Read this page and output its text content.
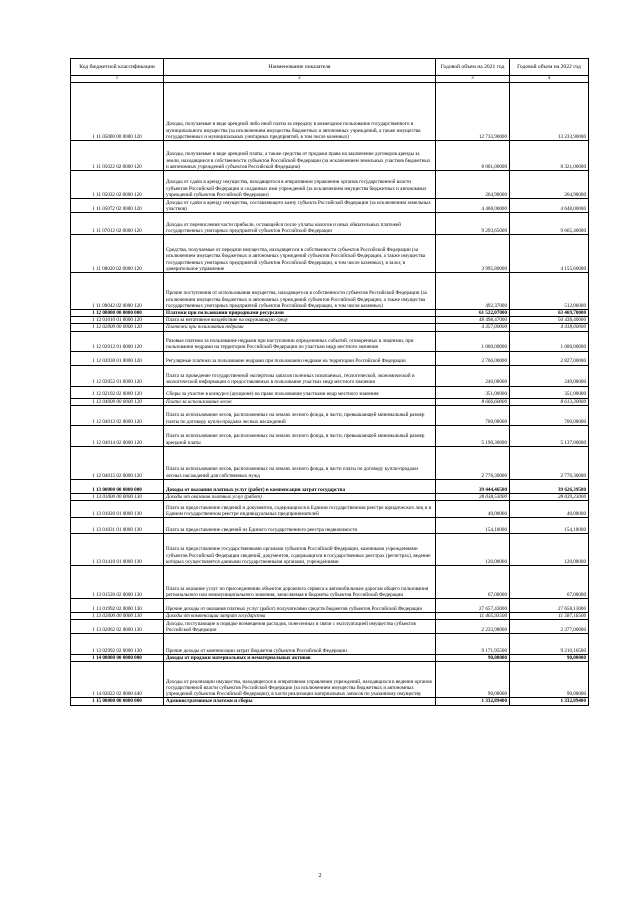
Код бюджетной классификации	Наименование показателя	Годовой объем на 2021 год	Годовой объем на 2022 год
1	2	3	4
1 11 05000 00 0000 120	Доходы, получаемые в виде арендной либо иной платы за передачу в возмездное пользование государственного и муниципального имущества (за исключением имущества бюджетных и автономных учреждений, а также имущества государственных и муниципальных унитарных предприятий, в том числе казенных)	12 733,90000	13 233,90000
1 11 05022 02 0000 120	Доходы, получаемые в виде арендной платы, а также средства от продажи права на заключение договоров аренды за земли, находящиеся в собственности субъектов Российской Федерации (за исключением земельных участков бюджетных и автономных учреждений субъектов Российской Федерации)	8 001,00000	8 321,00000
1 11 05032 02 0000 120	Доходы от сдачи в аренду имущества, находящегося в оперативном управлении органов государственной власти субъектов Российской Федерации и созданных ими учреждений (за исключением имущества бюджетных и автономных учреждений субъектов Российской Федерации)	264,90000	264,90000
1 11 05072 02 0000 120	Доходы от сдачи в аренду имущества, составляющего казну субъекта Российской Федерации (за исключением земельных участков)	4 468,00000	4 648,00000
1 11 07012 02 0000 120	Доходы от перечисления части прибыли, остающейся после уплаты налогов и иных обязательных платежей государственных унитарных предприятий субъектов Российской Федерации	9 293,65000	9 665,40000
1 11 08020 02 0000 120	Средства, получаемые от передачи имущества, находящегося в собственности субъектов Российской Федерации (за исключением имущества бюджетных и автономных учреждений субъектов Российской Федерации, а также имущества государственных унитарных предприятий субъектов Российской Федерации, в том числе казенных), в залог, в доверительное управление	3 995,80000	4 155,60000
1 11 09042 02 0000 120	Прочие поступления от использования имущества, находящегося в собственности субъектов Российской Федерации (за исключением имущества бюджетных и автономных учреждений субъектов Российской Федерации, а также имущества государственных унитарных предприятий субъектов Российской Федерации, в том числе казенных)	492,37000	512,06000
1 12 00000 00 0000 000	Платежи при пользовании природными ресурсами	61 522,07000	63 469,70000
1 12 01010 01 0000 120	Плата за негативное воздействие на окружающую среду	48 498,47000	50 438,40000
1 12 02000 00 0000 120	Платежи при пользовании недрами	4 357,00000	4 418,00000
1 12 02012 01 0000 120	Разовые платежи за пользование недрами при наступлении определенных событий, оговоренных в лицензии, при пользовании недрами на территории Российской Федерации по участкам недр местного значения	1 000,00000	1 000,00000
1 12 02030 01 0000 120	Регулярные платежи за пользование недрами при пользовании недрами на территории Российской Федерации	2 766,00000	2 827,00000
1 12 02052 01 0000 120	Плата за проведение государственной экспертизы запасов полезных ископаемых, геологической, экономической и экологической информации о предоставляемых в пользование участках недр местного значения	240,00000	240,00000
1 12 02102 02 0000 120	Сборы за участие в конкурсе (аукционе) на право пользования участками недр местного значения	351,00000	351,00000
1 12 04000 00 0000 120	Плата за использование лесов	8 666,60000	8 613,30000
1 12 04013 02 0000 120	Плата за использование лесов, расположенных на землях лесного фонда, в части, превышающей минимальный размер платы по договору купли-продажи лесных насаждений	700,00000	700,00000
1 12 04014 02 0000 120	Плата за использование лесов, расположенных на землях лесного фонда, в части, превышающей минимальный размер арендной платы	5 190,30000	5 137,00000
1 12 04015 02 0000 120	Плата за использование лесов, расположенных на землях лесного фонда, в части платы по договору купли-продажи лесных насаждений для собственных нужд	2 776,30000	2 776,30000
1 13 00000 00 0000 000	Доходы от оказания платных услуг (работ) и компенсации затрат государства	39 444,46500	39 626,39500
1 13 01000 00 0000 130	Доходы от оказания платных услуг (работ)	28 038,53000	28 039,23000
1 13 01020 01 0000 130	Плата за предоставление сведений и документов, содержащихся в Едином государственном реестре юридических лиц и в Едином государственном реестре индивидуальных предпринимателей	40,00000	40,00000
1 13 01031 01 0000 130	Плата за предоставление сведений из Единого государственного реестра недвижимости	154,10000	154,10000
1 13 01410 01 0000 130	Плата за предоставление государственными органами субъектов Российской Федерации, казенными учреждениями субъектов Российской Федерации сведений, документов, содержащихся в государственных реестрах (регистрах), ведение которых осуществляется данными государственными органами, учреждениями	120,00000	120,00000
1 13 01520 02 0000 130	Плата за оказание услуг по присоединению объектов дорожного сервиса к автомобильным дорогам общего пользования регионального или межмуниципального значения, зачисляемая в бюджеты субъектов Российской Федерации	67,00000	67,00000
1 13 01992 02 0000 130	Прочие доходы от оказания платных услуг (работ) получателями средств бюджетов субъектов Российской Федерации	27 657,43000	27 658,13000
1 13 02000 00 0000 130	Доходы от компенсации затрат государства	11 405,93500	11 587,16500
1 13 02062 02 0000 130	Доходы, поступающие в порядке возмещения расходов, понесенных в связи с эксплуатацией имущества субъектов Российской Федерации	2 233,98000	2 377,00000
1 13 02992 02 0000 130	Прочие доходы от компенсации затрат бюджетов субъектов Российской Федерации	9 171,95500	9 210,16500
1 14 00000 00 0000 000	Доходы от продажи материальных и нематериальных активов	90,00000	90,00000
1 14 02022 02 0000 440	Доходы от реализации имущества, находящегося в оперативном управлении учреждений, находящихся в ведении органов государственной власти субъектов Российской Федерации (за исключением имущества бюджетных и автономных учреждений субъектов Российской Федерации), в части реализации материальных запасов по указанному имуществу	90,00000	90,00000
1 15 00000 00 0000 000	Административные платежи и сборы	1 332,89400	1 332,89400
2
